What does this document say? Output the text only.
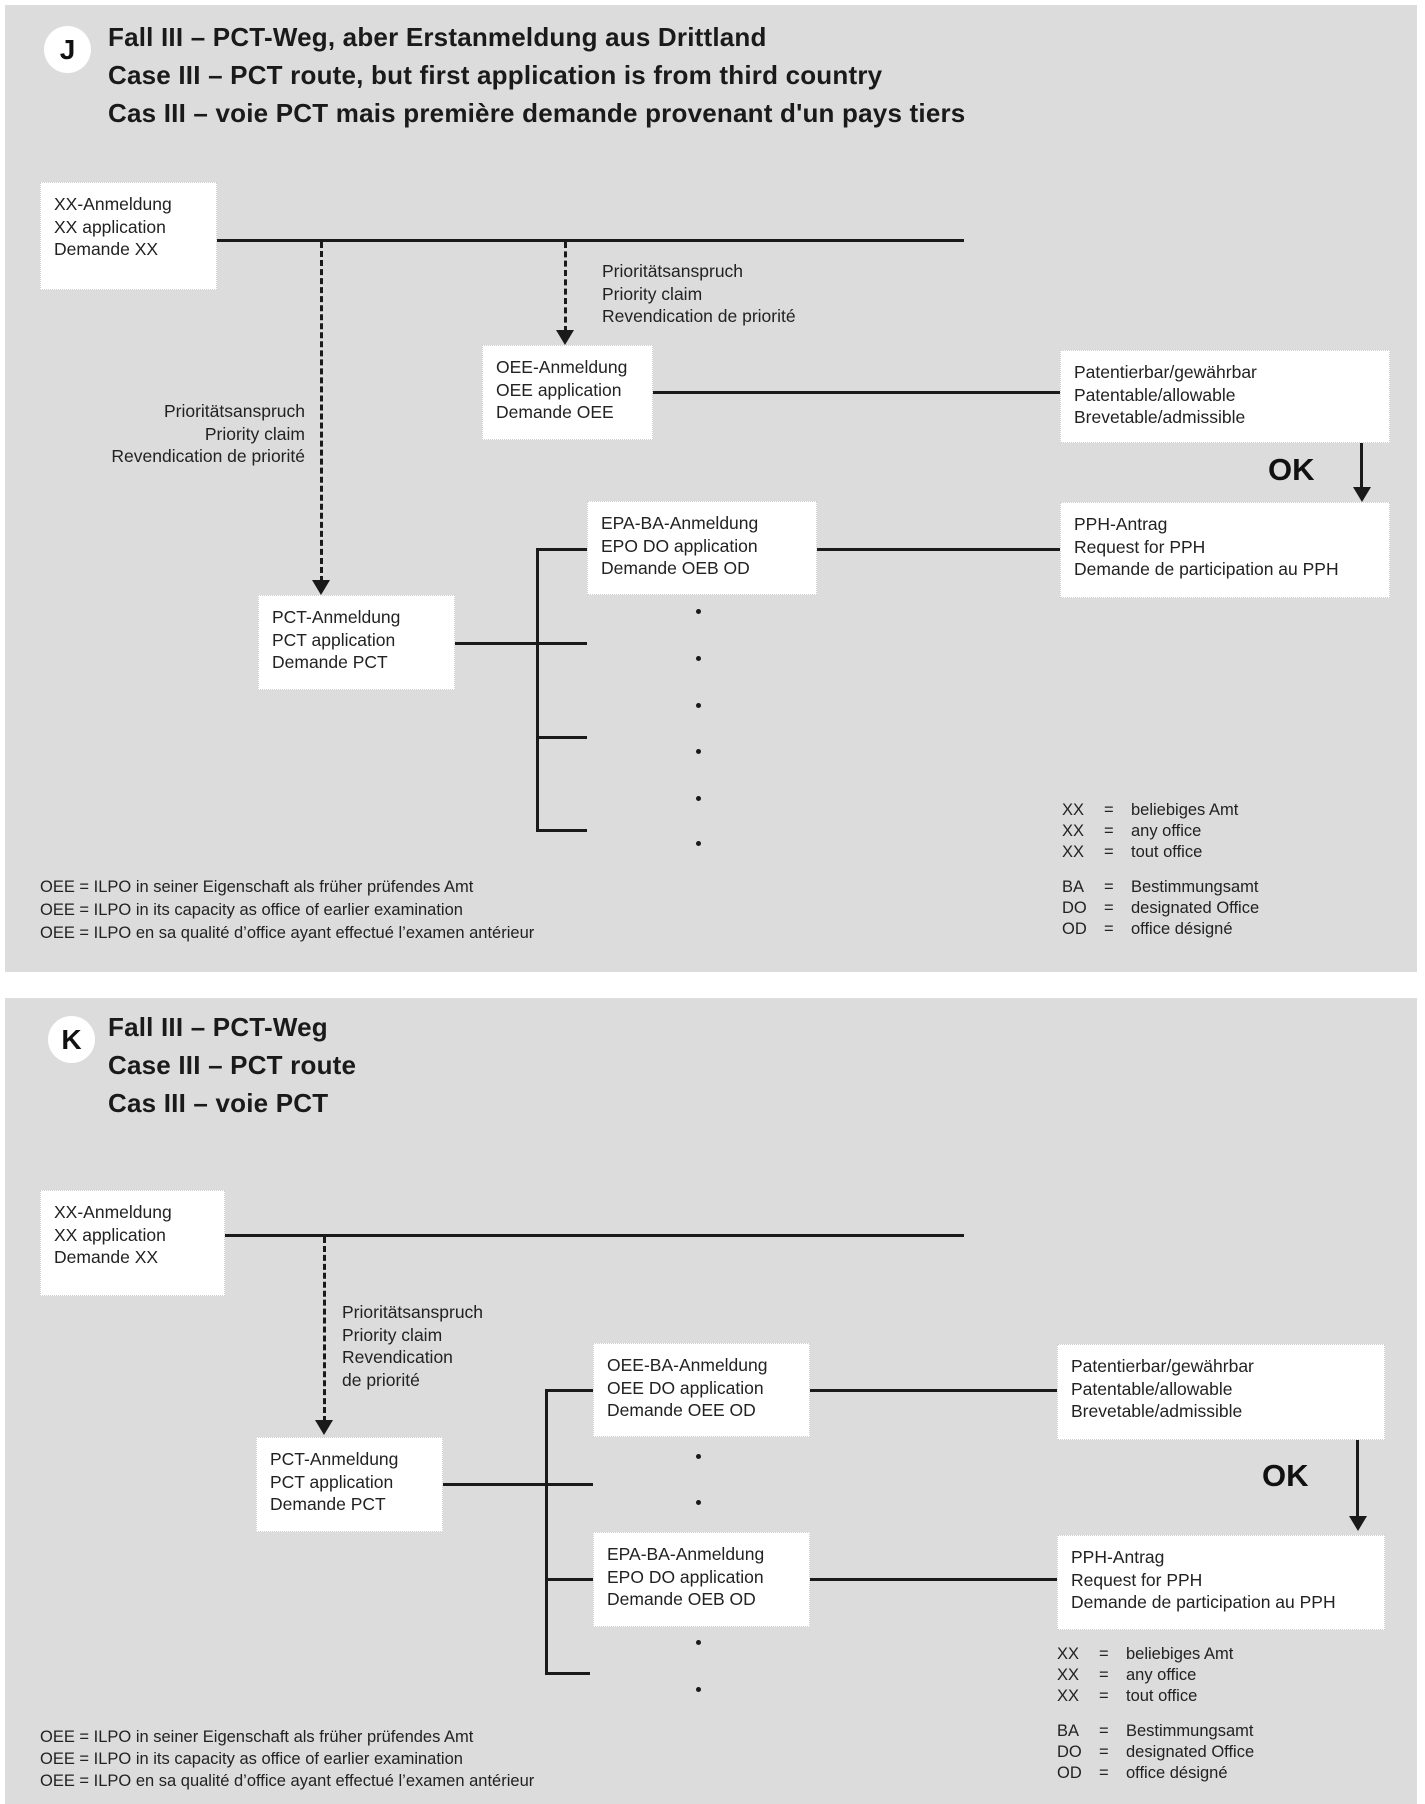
J	Fall III – PCT-Weg, aber Erstanmeldung aus Drittland
Case III – PCT route, but first application is from third country
Cas III – voie PCT mais première demande provenant d'un pays tiers
XX-Anmeldung
XX application
Demande XX
Prioritätsanspruch
Priority claim
Revendication de priorité
Prioritätsanspruch
Priority claim
Revendication de priorité
OEE-Anmeldung
OEE application
Demande OEE
Patentierbar/gewährbar
Patentable/allowable
Brevetable/admissible
OK
EPA-BA-Anmeldung
EPO DO application
Demande OEB OD
PPH-Antrag
Request for PPH
Demande de participation au PPH
PCT-Anmeldung
PCT application
Demande PCT
OEE = ILPO in seiner Eigenschaft als früher prüfendes Amt
OEE = ILPO in its capacity as office of earlier examination
OEE = ILPO en sa qualité d’office ayant effectué l’examen antérieur
XX = beliebiges Amt
XX = any office
XX = tout office
BA = Bestimmungsamt
DO = designated Office
OD = office désigné
K	Fall III – PCT-Weg
Case III – PCT route
Cas III – voie PCT
XX-Anmeldung
XX application
Demande XX
Prioritätsanspruch
Priority claim
Revendication
de priorité
OEE-BA-Anmeldung
OEE DO application
Demande OEE OD
Patentierbar/gewährbar
Patentable/allowable
Brevetable/admissible
OK
PCT-Anmeldung
PCT application
Demande PCT
EPA-BA-Anmeldung
EPO DO application
Demande OEB OD
PPH-Antrag
Request for PPH
Demande de participation au PPH
OEE = ILPO in seiner Eigenschaft als früher prüfendes Amt
OEE = ILPO in its capacity as office of earlier examination
OEE = ILPO en sa qualité d’office ayant effectué l’examen antérieur
XX = beliebiges Amt
XX = any office
XX = tout office
BA = Bestimmungsamt
DO = designated Office
OD = office désigné
